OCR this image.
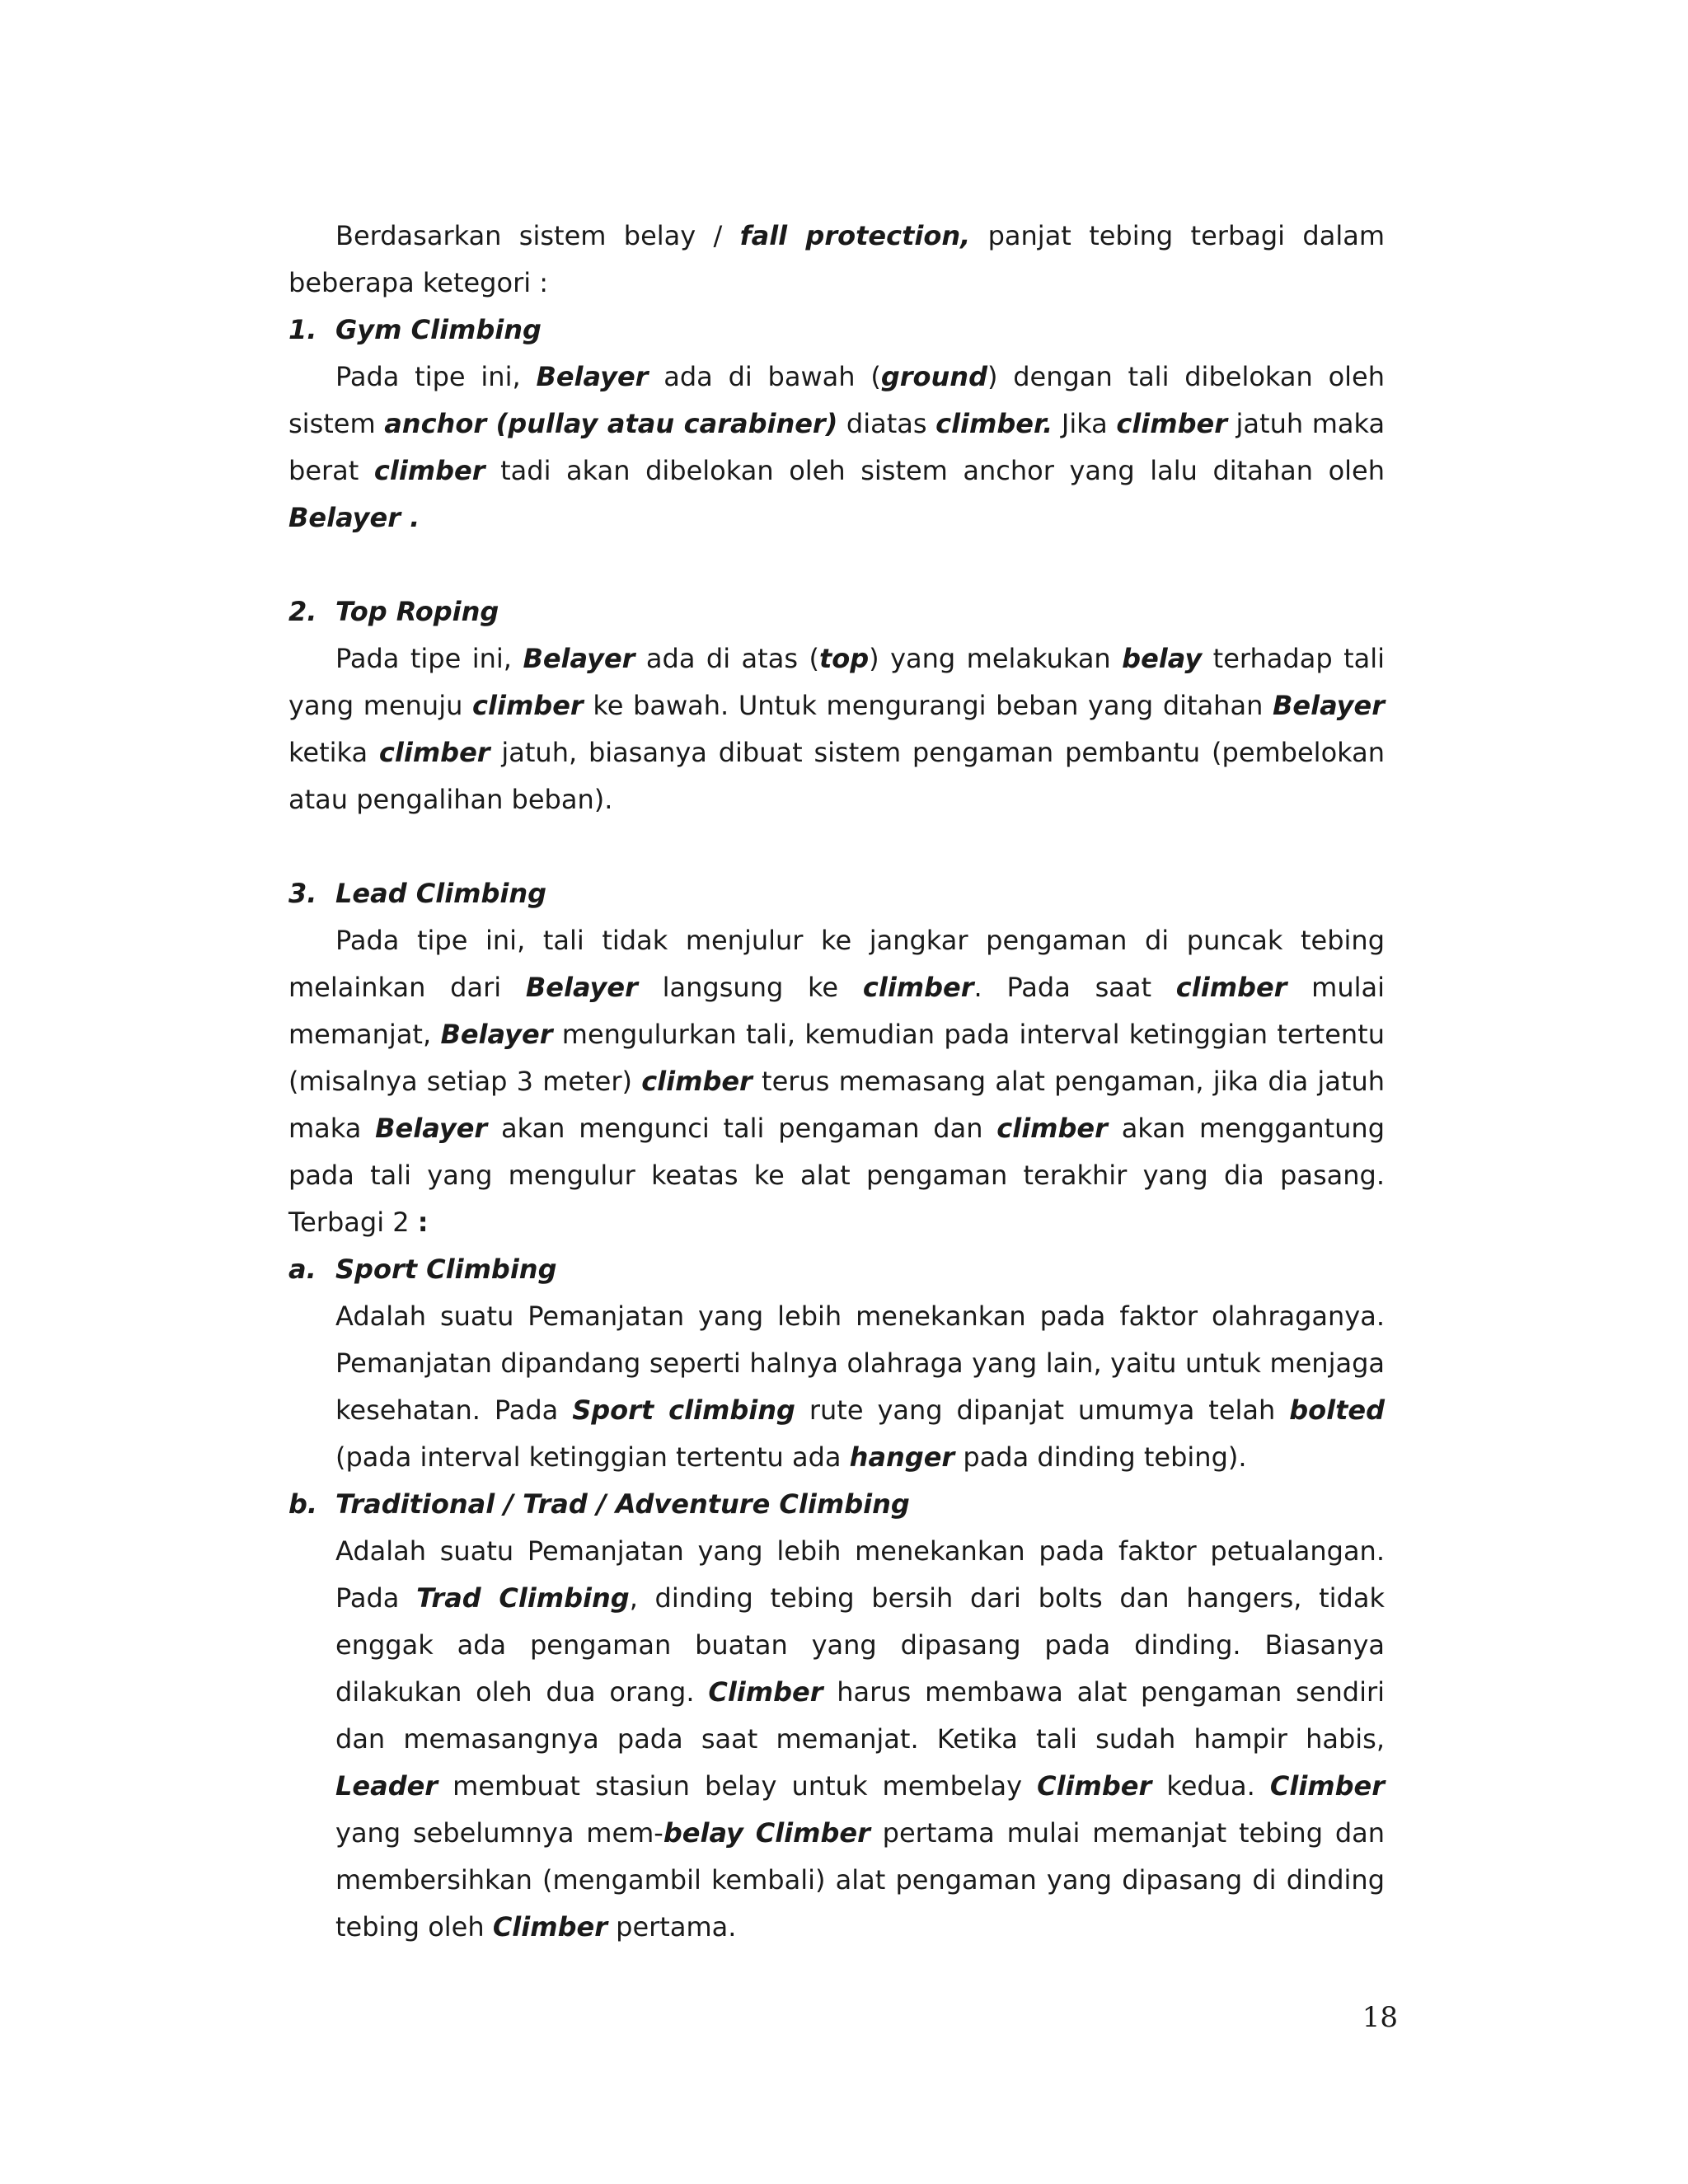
Berdasarkan sistem belay / fall protection, panjat tebing terbagi dalam beberapa ketegori :

1. Gym Climbing

Pada tipe ini, Belayer ada di bawah (ground) dengan tali dibelokan oleh sistem anchor (pullay atau carabiner) diatas climber. Jika climber jatuh maka berat climber tadi akan dibelokan oleh sistem anchor yang lalu ditahan oleh Belayer .

2. Top Roping

Pada tipe ini, Belayer ada di atas (top) yang melakukan belay terhadap tali yang menuju climber ke bawah. Untuk mengurangi beban yang ditahan Belayer ketika climber jatuh, biasanya dibuat sistem pengaman pembantu (pembelokan atau pengalihan beban).

3. Lead Climbing

Pada tipe ini, tali tidak menjulur ke jangkar pengaman di puncak tebing melainkan dari Belayer langsung ke climber. Pada saat climber mulai memanjat, Belayer mengulurkan tali, kemudian pada interval ketinggian tertentu (misalnya setiap 3 meter) climber terus memasang alat pengaman, jika dia jatuh maka Belayer akan mengunci tali pengaman dan climber akan menggantung pada tali yang mengulur keatas ke alat pengaman terakhir yang dia pasang. Terbagi 2 :

a. Sport Climbing

Adalah suatu Pemanjatan yang lebih menekankan pada faktor olahraganya. Pemanjatan dipandang seperti halnya olahraga yang lain, yaitu untuk menjaga kesehatan. Pada Sport climbing rute yang dipanjat umumya telah bolted (pada interval ketinggian tertentu ada hanger pada dinding tebing).

b. Traditional / Trad / Adventure Climbing

Adalah suatu Pemanjatan yang lebih menekankan pada faktor petualangan. Pada Trad Climbing, dinding tebing bersih dari bolts dan hangers, tidak enggak ada pengaman buatan yang dipasang pada dinding. Biasanya dilakukan oleh dua orang. Climber harus membawa alat pengaman sendiri dan memasangnya pada saat memanjat. Ketika tali sudah hampir habis, Leader membuat stasiun belay untuk membelay Climber kedua. Climber yang sebelumnya mem-belay Climber pertama mulai memanjat tebing dan membersihkan (mengambil kembali) alat pengaman yang dipasang di dinding tebing oleh Climber pertama.

18
